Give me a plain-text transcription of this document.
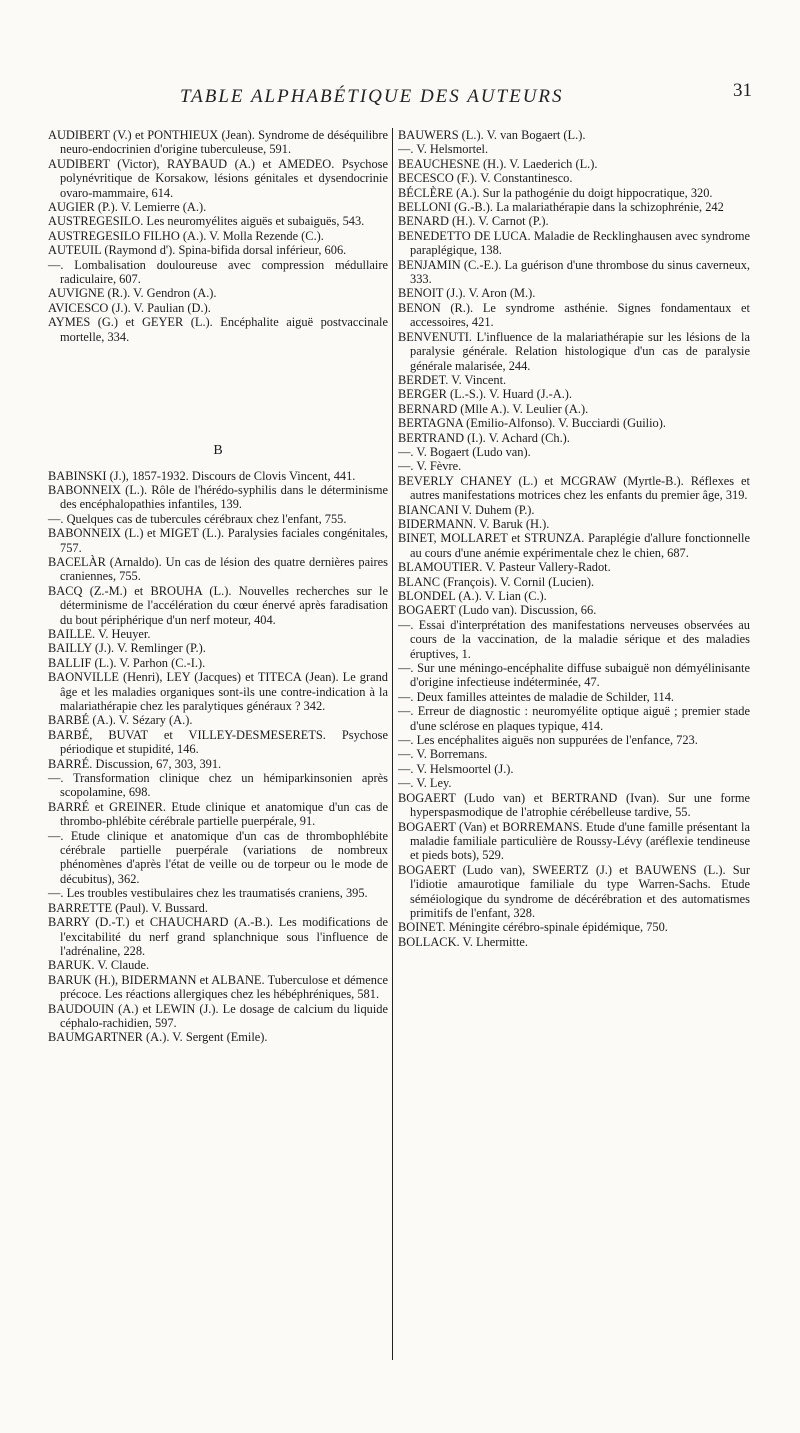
TABLE ALPHABÉTIQUE DES AUTEURS	31

AUDIBERT (V.) et PONTHIEUX (Jean). Syndrome de déséquilibre neuro-endocrinien d'origine tuberculeuse, 591.

AUDIBERT (Victor), RAYBAUD (A.) et AMEDEO. Psychose polynévritique de Korsakow, lésions génitales et dysendocrinie ovaro-mammaire, 614.

AUGIER (P.). V. Lemierre (A.).

AUSTREGESILO. Les neuromyélites aiguës et subaiguës, 543.

AUSTREGESILO FILHO (A.). V. Molla Rezende (C.).

AUTEUIL (Raymond d'). Spina-bifida dorsal inférieur, 606.

—. Lombalisation douloureuse avec compression médullaire radiculaire, 607.

AUVIGNE (R.). V. Gendron (A.).

AVICESCO (J.). V. Paulian (D.).

AYMES (G.) et GEYER (L.). Encéphalite aiguë postvaccinale mortelle, 334.

B

BABINSKI (J.), 1857-1932. Discours de Clovis Vincent, 441.

BABONNEIX (L.). Rôle de l'hérédo-syphilis dans le déterminisme des encéphalopathies infantiles, 139.

—. Quelques cas de tubercules cérébraux chez l'enfant, 755.

BABONNEIX (L.) et MIGET (L.). Paralysies faciales congénitales, 757.

BACELÀR (Arnaldo). Un cas de lésion des quatre dernières paires craniennes, 755.

BACQ (Z.-M.) et BROUHA (L.). Nouvelles recherches sur le déterminisme de l'accélération du cœur énervé après faradisation du bout périphérique d'un nerf moteur, 404.

BAILLE. V. Heuyer.

BAILLY (J.). V. Remlinger (P.).

BALLIF (L.). V. Parhon (C.-I.).

BAONVILLE (Henri), LEY (Jacques) et TITECA (Jean). Le grand âge et les maladies organiques sont-ils une contre-indication à la malariathérapie chez les paralytiques généraux ? 342.

BARBÉ (A.). V. Sézary (A.).

BARBÉ, BUVAT et VILLEY-DESMESERETS. Psychose périodique et stupidité, 146.

BARRÉ. Discussion, 67, 303, 391.

—. Transformation clinique chez un hémiparkinsonien après scopolamine, 698.

BARRÉ et GREINER. Etude clinique et anatomique d'un cas de thrombo-phlébite cérébrale partielle puerpérale, 91.

—. Etude clinique et anatomique d'un cas de thrombophlébite cérébrale partielle puerpérale (variations de nombreux phénomènes d'après l'état de veille ou de torpeur ou le mode de décubitus), 362.

—. Les troubles vestibulaires chez les traumatisés craniens, 395.

BARRETTE (Paul). V. Bussard.

BARRY (D.-T.) et CHAUCHARD (A.-B.). Les modifications de l'excitabilité du nerf grand splanchnique sous l'influence de l'adrénaline, 228.

BARUK. V. Claude.

BARUK (H.), BIDERMANN et ALBANE. Tuberculose et démence précoce. Les réactions allergiques chez les hébéphréniques, 581.

BAUDOUIN (A.) et LEWIN (J.). Le dosage de calcium du liquide céphalo-rachidien, 597.

BAUMGARTNER (A.). V. Sergent (Emile).

BAUWERS (L.). V. van Bogaert (L.).

—. V. Helsmortel.

BEAUCHESNE (H.). V. Laederich (L.).

BECESCO (F.). V. Constantinesco.

BÉCLÈRE (A.). Sur la pathogénie du doigt hippocratique, 320.

BELLONI (G.-B.). La malariathérapie dans la schizophrénie, 242

BENARD (H.). V. Carnot (P.).

BENEDETTO DE LUCA. Maladie de Recklinghausen avec syndrome paraplégique, 138.

BENJAMIN (C.-E.). La guérison d'une thrombose du sinus caverneux, 333.

BENOIT (J.). V. Aron (M.).

BENON (R.). Le syndrome asthénie. Signes fondamentaux et accessoires, 421.

BENVENUTI. L'influence de la malariathérapie sur les lésions de la paralysie générale. Relation histologique d'un cas de paralysie générale malarisée, 244.

BERDET. V. Vincent.

BERGER (L.-S.). V. Huard (J.-A.).

BERNARD (Mlle A.). V. Leulier (A.).

BERTAGNA (Emilio-Alfonso). V. Bucciardi (Guilio).

BERTRAND (I.). V. Achard (Ch.).

—. V. Bogaert (Ludo van).

—. V. Fèvre.

BEVERLY CHANEY (L.) et MCGRAW (Myrtle-B.). Réflexes et autres manifestations motrices chez les enfants du premier âge, 319.

BIANCANI V. Duhem (P.).

BIDERMANN. V. Baruk (H.).

BINET, MOLLARET et STRUNZA. Paraplégie d'allure fonctionnelle au cours d'une anémie expérimentale chez le chien, 687.

BLAMOUTIER. V. Pasteur Vallery-Radot.

BLANC (François). V. Cornil (Lucien).

BLONDEL (A.). V. Lian (C.).

BOGAERT (Ludo van). Discussion, 66.

—. Essai d'interprétation des manifestations nerveuses observées au cours de la vaccination, de la maladie sérique et des maladies éruptives, 1.

—. Sur une méningo-encéphalite diffuse subaiguë non démyélinisante d'origine infectieuse indéterminée, 47.

—. Deux familles atteintes de maladie de Schilder, 114.

—. Erreur de diagnostic : neuromyélite optique aiguë ; premier stade d'une sclérose en plaques typique, 414.

—. Les encéphalites aiguës non suppurées de l'enfance, 723.

—. V. Borremans.

—. V. Helsmoortel (J.).

—. V. Ley.

BOGAERT (Ludo van) et BERTRAND (Ivan). Sur une forme hyperspasmodique de l'atrophie cérébelleuse tardive, 55.

BOGAERT (Van) et BORREMANS. Etude d'une famille présentant la maladie familiale particulière de Roussy-Lévy (aréflexie tendineuse et pieds bots), 529.

BOGAERT (Ludo van), SWEERTZ (J.) et BAUWENS (L.). Sur l'idiotie amaurotique familiale du type Warren-Sachs. Etude séméiologique du syndrome de décérébration et des automatismes primitifs de l'enfant, 328.

BOINET. Méningite cérébro-spinale épidémique, 750.

BOLLACK. V. Lhermitte.
